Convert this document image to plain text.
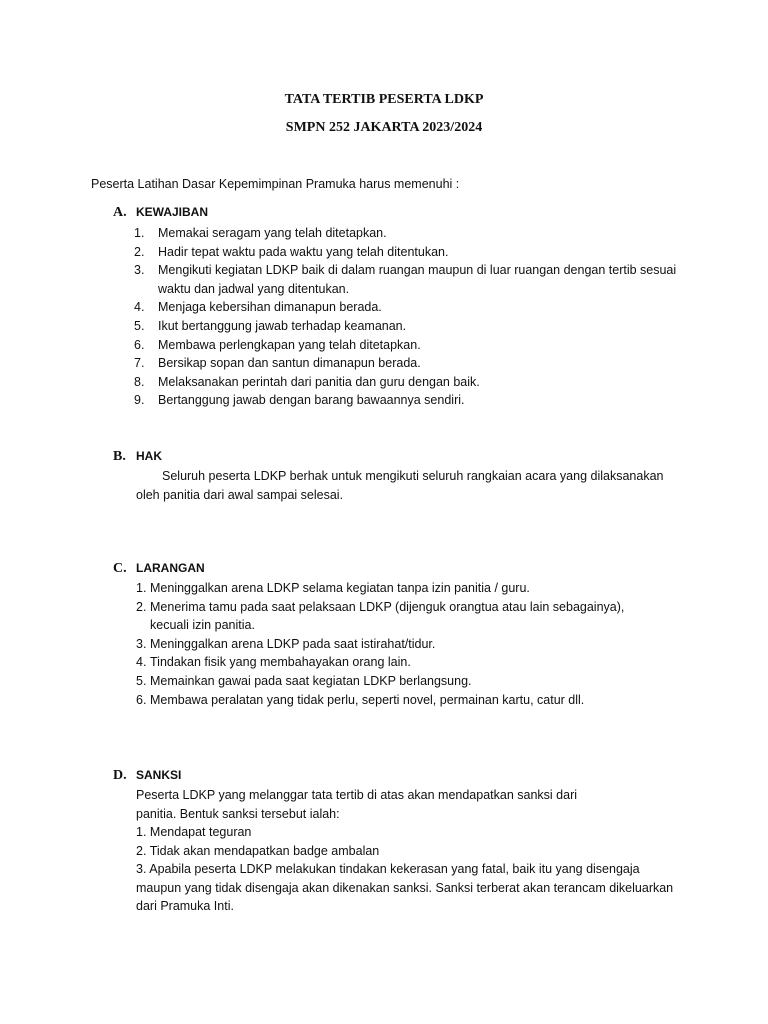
TATA TERTIB PESERTA LDKP
SMPN 252 JAKARTA 2023/2024

Peserta Latihan Dasar Kepemimpinan Pramuka harus memenuhi :

A. KEWAJIBAN
1. Memakai seragam yang telah ditetapkan.
2. Hadir tepat waktu pada waktu yang telah ditentukan.
3. Mengikuti kegiatan LDKP baik di dalam ruangan maupun di luar ruangan dengan tertib sesuai waktu dan jadwal yang ditentukan.
4. Menjaga kebersihan dimanapun berada.
5. Ikut bertanggung jawab terhadap keamanan.
6. Membawa perlengkapan yang telah ditetapkan.
7. Bersikap sopan dan santun dimanapun berada.
8. Melaksanakan perintah dari panitia dan guru dengan baik.
9. Bertanggung jawab dengan barang bawaannya sendiri.
B. HAK

Seluruh peserta LDKP berhak untuk mengikuti seluruh rangkaian acara yang dilaksanakan oleh panitia dari awal sampai selesai.

C. LARANGAN
1. Meninggalkan arena LDKP selama kegiatan tanpa izin panitia / guru.
2. Menerima tamu pada saat pelaksaan LDKP (dijenguk orangtua atau lain sebagainya), kecuali izin panitia.
3. Meninggalkan arena LDKP pada saat istirahat/tidur.
4. Tindakan fisik yang membahayakan orang lain.
5. Memainkan gawai pada saat kegiatan LDKP berlangsung.
6. Membawa peralatan yang tidak perlu, seperti novel, permainan kartu, catur dll.
D. SANKSI

Peserta LDKP yang melanggar tata tertib di atas akan mendapatkan sanksi dari panitia. Bentuk sanksi tersebut ialah:

1. Mendapat teguran
2. Tidak akan mendapatkan badge ambalan
3. Apabila peserta LDKP melakukan tindakan kekerasan yang fatal, baik itu yang disengaja maupun yang tidak disengaja akan dikenakan sanksi. Sanksi terberat akan terancam dikeluarkan dari Pramuka Inti.
